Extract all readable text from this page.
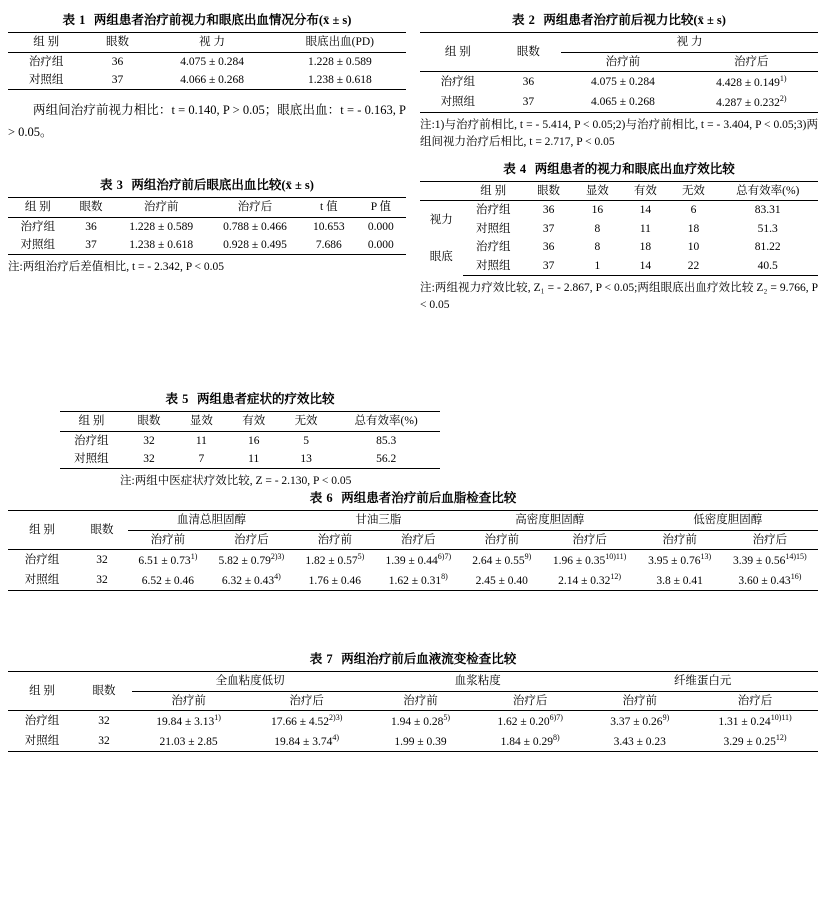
表 1 两组患者治疗前视力和眼底出血情况分布(x̄ ± s)
组 别	眼数	视 力	眼底出血(PD)
治疗组	36	4.075 ± 0.284	1.228 ± 0.589
对照组	37	4.066 ± 0.268	1.238 ± 0.618
两组间治疗前视力相比：t = 0.140, P > 0.05；眼底出血：t = - 0.163, P > 0.05。
表 3 两组治疗前后眼底出血比较(x̄ ± s)
组 别	眼数	治疗前	治疗后	t 值	P 值
治疗组	36	1.228 ± 0.589	0.788 ± 0.466	10.653	0.000
对照组	37	1.238 ± 0.618	0.928 ± 0.495	7.686	0.000
注:两组治疗后差值相比, t = - 2.342, P < 0.05
表 2 两组患者治疗前后视力比较(x̄ ± s)
组 别	眼数	视 力	
		治疗前	治疗后
治疗组	36	4.075 ± 0.284	$4.428 \pm 0.149^{1)}$
对照组	37	4.065 ± 0.268	$4.287 \pm 0.232^{2)}$
注:1)与治疗前相比, t = - 5.414, P < 0.05;2)与治疗前相比, t = - 3.404, P < 0.05;3)两组间视力治疗后相比, t = 2.717, P < 0.05
表 4 两组患者的视力和眼底出血疗效比较
	组 别	眼数	显效	有效	无效	总有效率(%)
视力	治疗组	36	16	14	6	83.31
	对照组	37	8	11	18	51.3
眼底	治疗组	36	8	18	10	81.22
	对照组	37	1	14	22	40.5
注:两组视力疗效比较, Z₁ = - 2.867, P < 0.05;两组眼底出血疗效比较 Z₂ = 9.766, P < 0.05
表 5 两组患者症状的疗效比较
组 别	眼数	显效	有效	无效	总有效率(%)
治疗组	32	11	16	5	85.3
对照组	32	7	11	13	56.2
注:两组中医症状疗效比较, Z = - 2.130, P < 0.05
表 6 两组患者治疗前后血脂检查比较
组 别	眼数	血清总胆固醇		甘油三脂		高密度胆固醇		低密度胆固醇	
		治疗前	治疗后	治疗前	治疗后	治疗前	治疗后	治疗前	治疗后
治疗组	32	$6.51 \pm 0.73^{1)}$	$5.82 \pm 0.79^{2)3)}$	$1.82 \pm 0.57^{5)}$	$1.39 \pm 0.44^{6)7)}$	$2.64 \pm 0.55^{9)}$	$1.96 \pm 0.35^{10)11)}$	$3.95 \pm 0.76^{13)}$	$3.39 \pm 0.56^{14)15)}$
对照组	32	6.52 ± 0.46	$6.32 \pm 0.43^{4)}$	1.76 ± 0.46	$1.62 \pm 0.31^{8)}$	2.45 ± 0.40	$2.14 \pm 0.32^{12)}$	3.8 ± 0.41	$3.60 \pm 0.43^{16)}$
表 7 两组治疗前后血液流变检查比较
组 别	眼数	全血粘度低切		血浆粘度		纤维蛋白元	
		治疗前	治疗后	治疗前	治疗后	治疗前	治疗后
治疗组	32	$19.84 \pm 3.13^{1)}$	$17.66 \pm 4.52^{2)3)}$	$1.94 \pm 0.28^{5)}$	$1.62 \pm 0.20^{6)7)}$	$3.37 \pm 0.26^{9)}$	$1.31 \pm 0.24^{10)11)}$
对照组	32	21.03 ± 2.85	$19.84 \pm 3.74^{4)}$	1.99 ± 0.39	$1.84 \pm 0.29^{8)}$	3.43 ± 0.23	$3.29 \pm 0.25^{12)}$
